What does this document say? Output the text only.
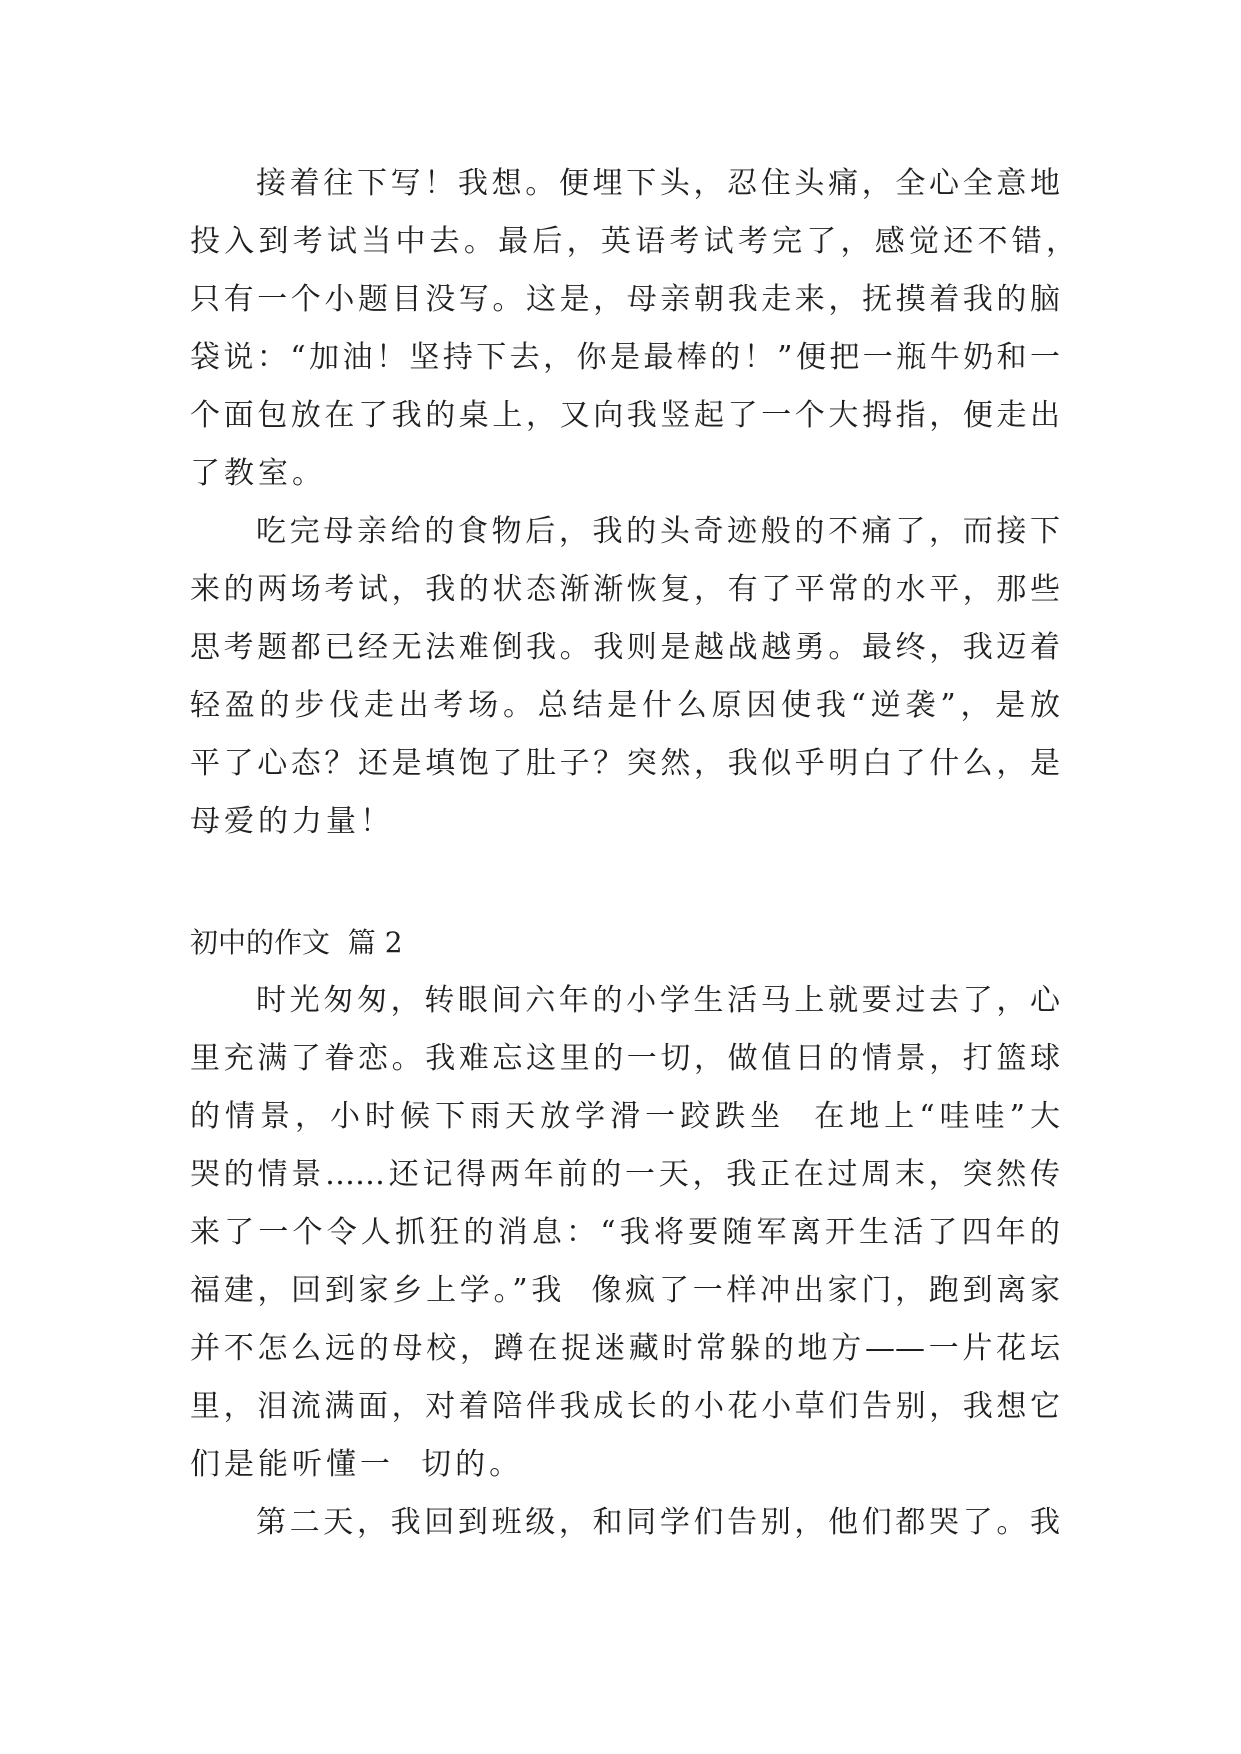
接着往下写！我想。便埋下头，忍住头痛，全心全意地
投入到考试当中去。最后，英语考试考完了，感觉还不错，
只有一个小题目没写。这是，母亲朝我走来，抚摸着我的脑
袋说：“加油！坚持下去，你是最棒的！”便把一瓶牛奶和一
个面包放在了我的桌上，又向我竖起了一个大拇指，便走出
了教室。
吃完母亲给的食物后，我的头奇迹般的不痛了，而接下
来的两场考试，我的状态渐渐恢复，有了平常的水平，那些
思考题都已经无法难倒我。我则是越战越勇。最终，我迈着
轻盈的步伐走出考场。总结是什么原因使我“逆袭”，是放
平了心态？还是填饱了肚子？突然，我似乎明白了什么，是
母爱的力量！
初中的作文  篇 2
时光匆匆，转眼间六年的小学生活马上就要过去了，心
里充满了眷恋。我难忘这里的一切，做值日的情景，打篮球
的情景，小时候下雨天放学滑一跤跌坐  在地上“哇哇”大
哭的情景……还记得两年前的一天，我正在过周末，突然传
来了一个令人抓狂的消息：“我将要随军离开生活了四年的
福建，回到家乡上学。”我  像疯了一样冲出家门，跑到离家
并不怎么远的母校，蹲在捉迷藏时常躲的地方——一片花坛
里，泪流满面，对着陪伴我成长的小花小草们告别，我想它
们是能听懂一  切的。
第二天，我回到班级，和同学们告别，他们都哭了。我
